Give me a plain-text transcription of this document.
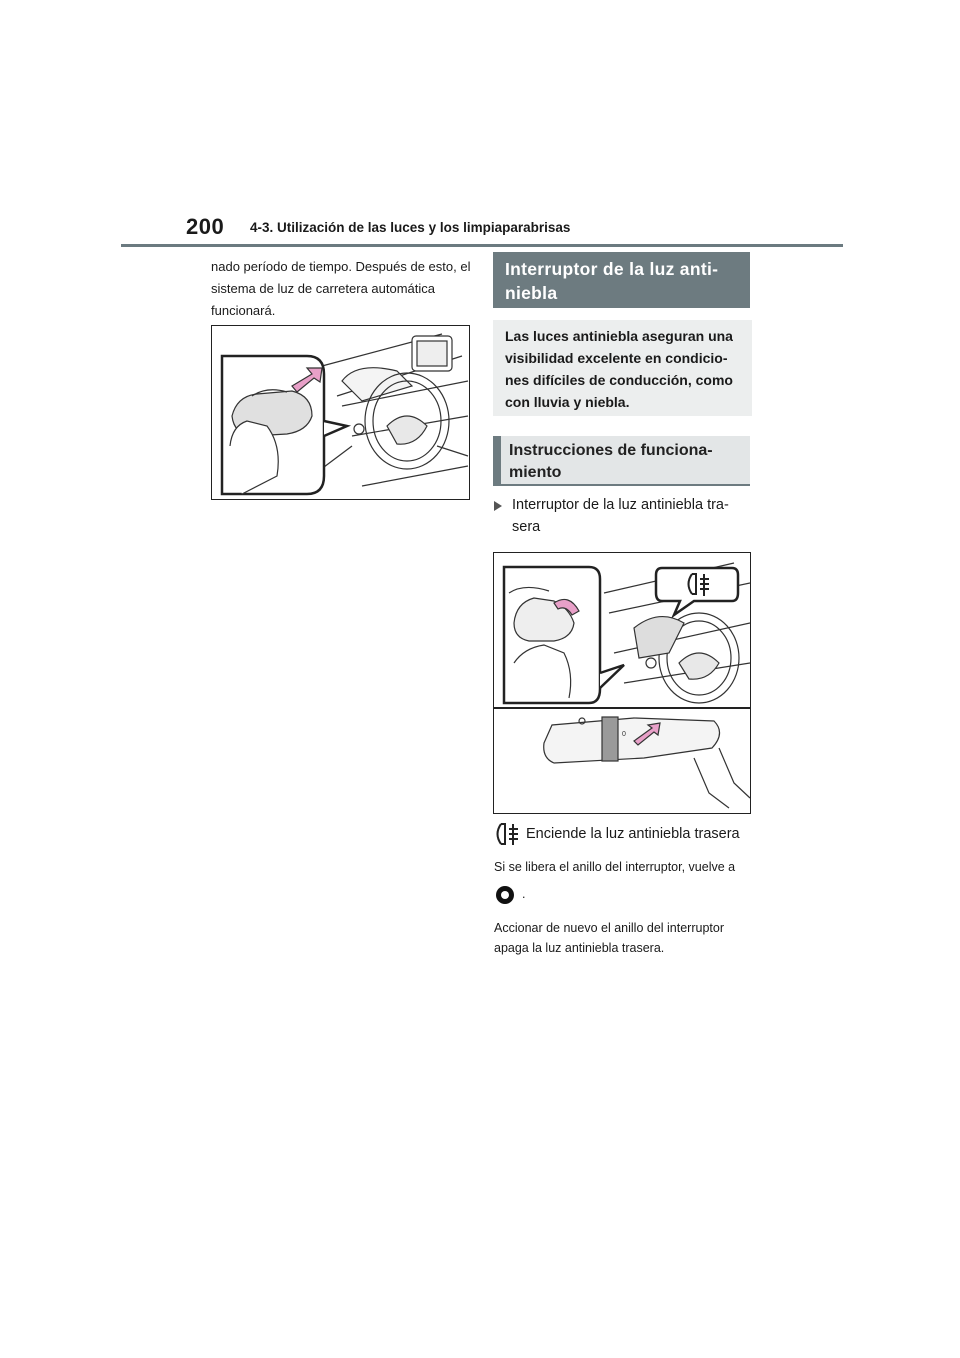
200 4-3. Utilización de las luces y los limpiaparabrisas
nado período de tiempo. Después de esto, el sistema de luz de carretera automática funcionará.
Interruptor de la luz anti-niebla
Las luces antiniebla aseguran una visibilidad excelente en condicio-nes difíciles de conducción, como con lluvia y niebla.
Instrucciones de funciona-miento
Interruptor de la luz antiniebla tra-sera
0
Enciende la luz antiniebla trasera
Si se libera el anillo del interruptor, vuelve a
.
Accionar de nuevo el anillo del interruptor apaga la luz antiniebla trasera.
